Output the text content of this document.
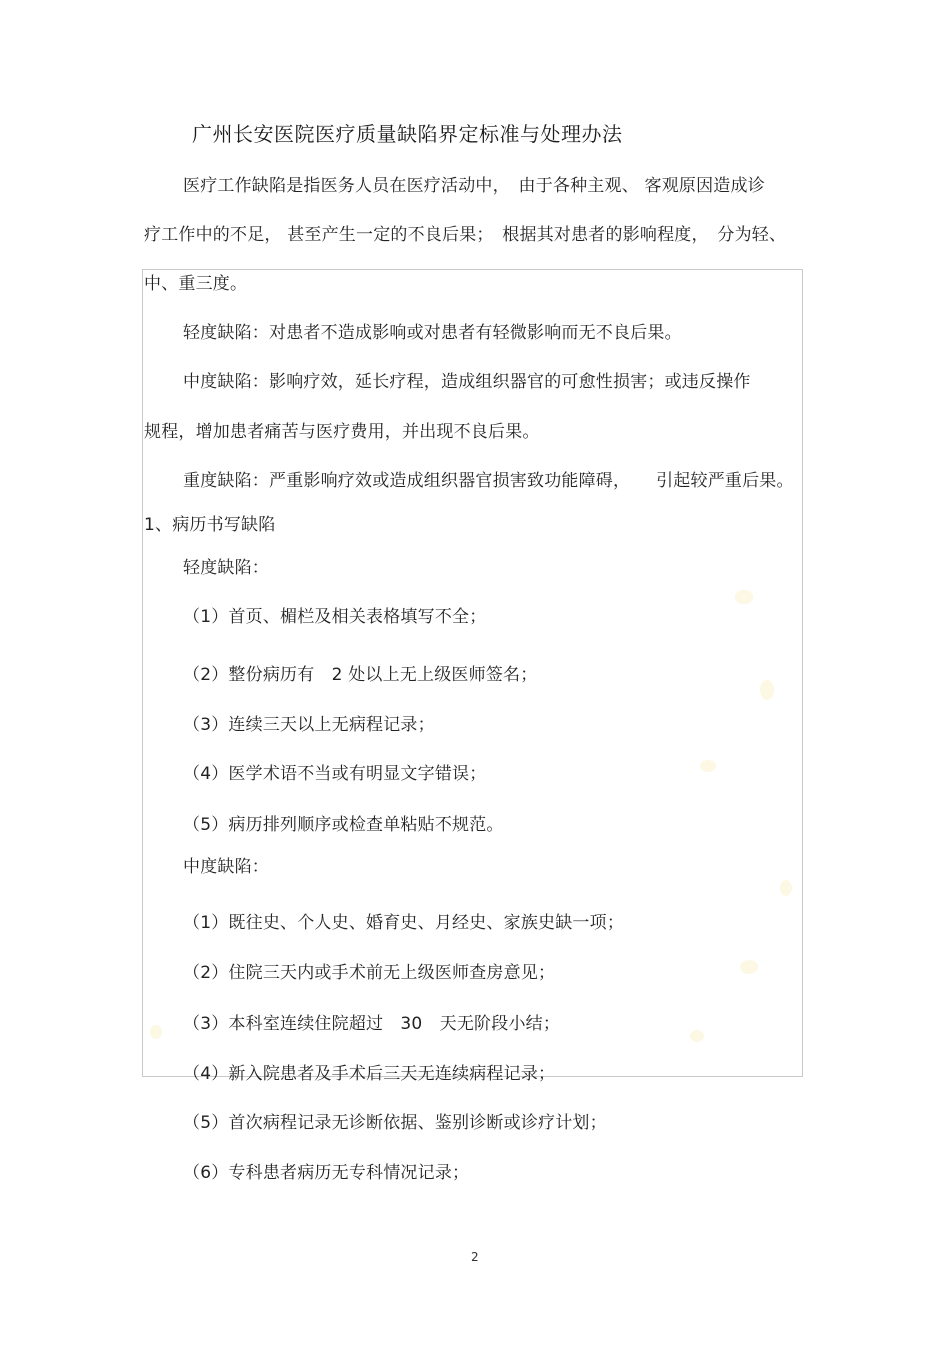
广州长安医院医疗质量缺陷界定标准与处理办法
医疗工作缺陷是指医务人员在医疗活动中，　由于各种主观、 客观原因造成诊
疗工作中的不足， 甚至产生一定的不良后果；　根据其对患者的影响程度，　分为轻、
中、重三度。
轻度缺陷：对患者不造成影响或对患者有轻微影响而无不良后果。
中度缺陷：影响疗效，延长疗程，造成组织器官的可愈性损害；或违反操作
规程，增加患者痛苦与医疗费用，并出现不良后果。
重度缺陷：严重影响疗效或造成组织器官损害致功能障碍，　　引起较严重后果。
1、病历书写缺陷
轻度缺陷：
（1）首页、楣栏及相关表格填写不全；
（2）整份病历有　2 处以上无上级医师签名；
（3）连续三天以上无病程记录；
（4）医学术语不当或有明显文字错误；
（5）病历排列顺序或检查单粘贴不规范。
中度缺陷：
（1）既往史、个人史、婚育史、月经史、家族史缺一项；
（2）住院三天内或手术前无上级医师查房意见；
（3）本科室连续住院超过　30　天无阶段小结；
（4）新入院患者及手术后三天无连续病程记录；
（5）首次病程记录无诊断依据、鉴别诊断或诊疗计划；
（6）专科患者病历无专科情况记录；
2
